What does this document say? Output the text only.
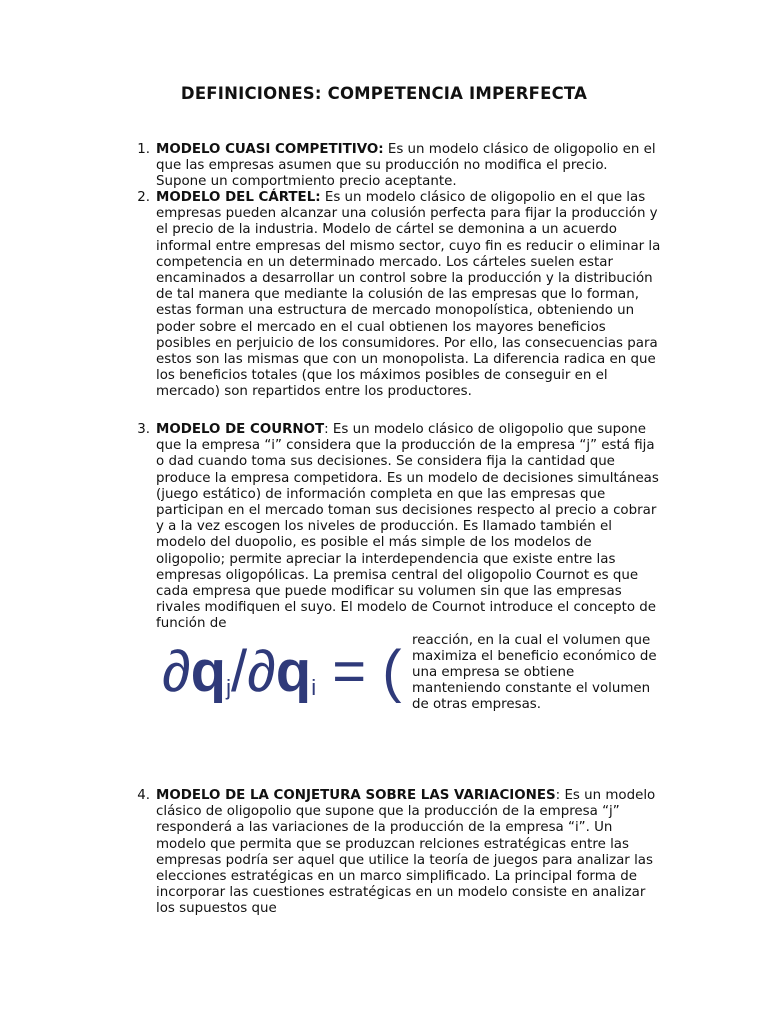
DEFINICIONES: COMPETENCIA IMPERFECTA
1. MODELO CUASI COMPETITIVO: Es un modelo clásico de oligopolio en el que las empresas asumen que su producción no modifica el precio. Supone un comportmiento precio aceptante.

2. MODELO DEL CÁRTEL: Es un modelo clásico de oligopolio en el que las empresas pueden alcanzar una colusión perfecta para fijar la producción y el precio de la industria. Modelo de cártel se demonina a un acuerdo informal entre empresas del mismo sector, cuyo fin es reducir o eliminar la competencia en un determinado mercado. Los cárteles suelen estar encaminados a desarrollar un control sobre la producción y la distribución de tal manera que mediante la colusión de las empresas que lo forman, estas forman una estructura de mercado monopolística, obteniendo un poder sobre el mercado en el cual obtienen los mayores beneficios posibles en perjuicio de los consumidores. Por ello, las consecuencias para estos son las mismas que con un monopolista. La diferencia radica en que los beneficios totales (que los máximos posibles de conseguir en el mercado) son repartidos entre los productores.

3. MODELO DE COURNOT: Es un modelo clásico de oligopolio que supone que la empresa “i” considera que la producción de la empresa “j” está fija o dad cuando toma sus decisiones. Se considera fija la cantidad que produce la empresa competidora. Es un modelo de decisiones simultáneas (juego estático) de información completa en que las empresas que participan en el mercado toman sus decisiones respecto al precio a cobrar y a la vez escogen los niveles de producción. Es llamado también el modelo del duopolio, es posible el más simple de los modelos de oligopolio; permite apreciar la interdependencia que existe entre las empresas oligopólicas. La premisa central del oligopolio Cournot es que cada empresa que puede modificar su volumen sin que las empresas rivales modifiquen el suyo. El modelo de Cournot introduce el concepto de función de

$\partial q_j/\partial q_i$ = ( reacción, en la cual el volumen que maximiza el beneficio económico de una empresa se obtiene manteniendo constante el volumen de otras empresas.
4. MODELO DE LA CONJETURA SOBRE LAS VARIACIONES: Es un modelo clásico de oligopolio que supone que la producción de la empresa “j” responderá a las variaciones de la producción de la empresa “i”. Un modelo que permita que se produzcan relciones estratégicas entre las empresas podría ser aquel que utilice la teoría de juegos para analizar las elecciones estratégicas en un marco simplificado. La principal forma de incorporar las cuestiones estratégicas en un modelo consiste en analizar los supuestos que
